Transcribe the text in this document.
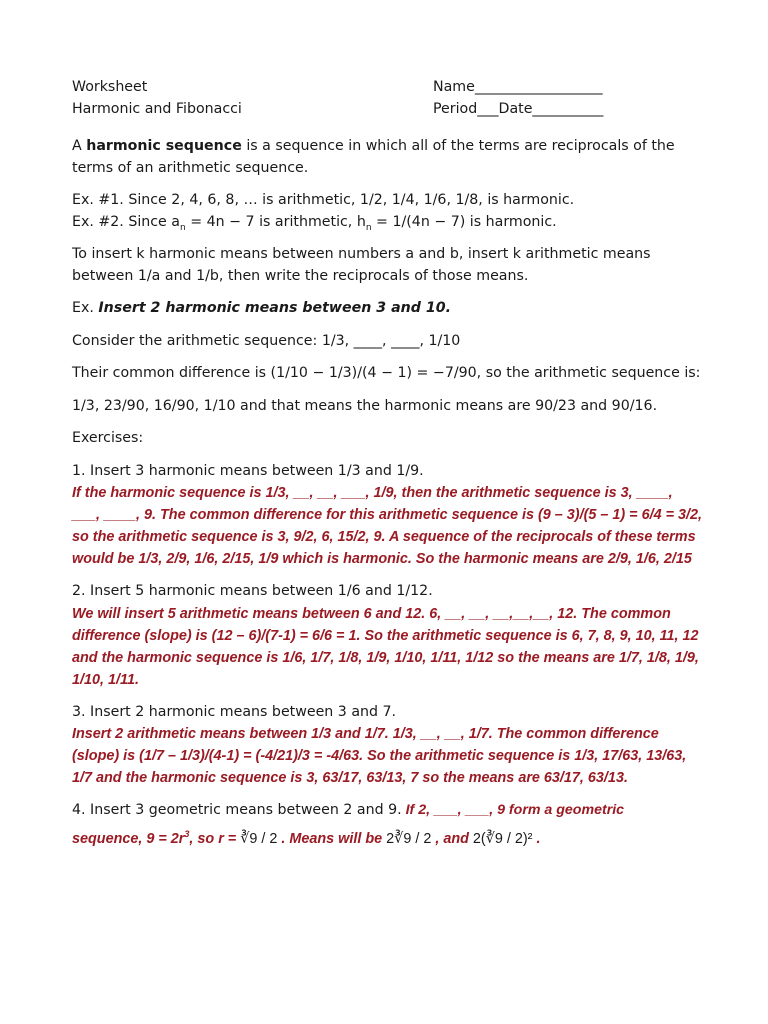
Worksheet
Harmonic and Fibonacci
Name__________________
Period___Date__________

A harmonic sequence is a sequence in which all of the terms are reciprocals of the terms of an arithmetic sequence.

Ex. #1. Since 2, 4, 6, 8, … is arithmetic, 1/2, 1/4, 1/6, 1/8, is harmonic.

Ex. #2. Since $a_n = 4n - 7$ is arithmetic, $h_n = 1/(4n - 7)$ is harmonic.

To insert k harmonic means between numbers a and b, insert k arithmetic means between 1/a and 1/b, then write the reciprocals of those means.

Ex. Insert 2 harmonic means between 3 and 10.

Consider the arithmetic sequence: 1/3, ____, ____, 1/10

Their common difference is (1/10 − 1/3)/(4 − 1) = −7/90, so the arithmetic sequence is:

1/3, 23/90, 16/90, 1/10 and that means the harmonic means are 90/23 and 90/16.

Exercises:

1. Insert 3 harmonic means between 1/3 and 1/9.

If the harmonic sequence is 1/3, __, __, ___, 1/9, then the arithmetic sequence is 3, ____, ___, ____, 9. The common difference for this arithmetic sequence is (9 – 3)/(5 – 1) = 6/4 = 3/2, so the arithmetic sequence is 3, 9/2, 6, 15/2, 9. A sequence of the reciprocals of these terms would be 1/3, 2/9, 1/6, 2/15, 1/9 which is harmonic. So the harmonic means are 2/9, 1/6, 2/15

2. Insert 5 harmonic means between 1/6 and 1/12.

We will insert 5 arithmetic means between 6 and 12. 6, __, __, __,__,__, 12. The common difference (slope) is (12 – 6)/(7-1) = 6/6 = 1. So the arithmetic sequence is 6, 7, 8, 9, 10, 11, 12 and the harmonic sequence is 1/6, 1/7, 1/8, 1/9, 1/10, 1/11, 1/12 so the means are 1/7, 1/8, 1/9, 1/10, 1/11.

3. Insert 2 harmonic means between 3 and 7.

Insert 2 arithmetic means between 1/3 and 1/7. 1/3, __, __, 1/7. The common difference (slope) is (1/7 – 1/3)/(4-1) = (-4/21)/3 = -4/63. So the arithmetic sequence is 1/3, 17/63, 13/63, 1/7 and the harmonic sequence is 3, 63/17, 63/13, 7 so the means are 63/17, 63/13.

4. Insert 3 geometric means between 2 and 9. If 2, ___, ___, 9 form a geometric

sequence, $9 = 2r^3$, so r = ∛9 / 2 . Means will be 2∛9 / 2 , and 2(∛9 / 2)² .
